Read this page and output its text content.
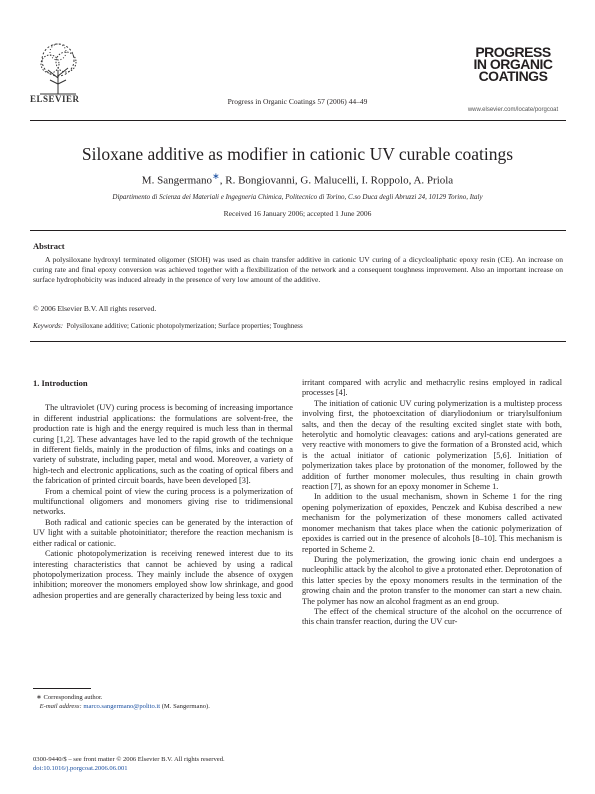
ELSEVIER	Progress in Organic Coatings 57 (2006) 44–49
PROGRESS
IN ORGANIC
COATINGS
www.elsevier.com/locate/porgcoat
Siloxane additive as modifier in cationic UV curable coatings
M. Sangermano∗, R. Bongiovanni, G. Malucelli, I. Roppolo, A. Priola
Dipartimento di Scienza dei Materiali e Ingegneria Chimica, Politecnico di Torino, C.so Duca degli Abruzzi 24, 10129 Torino, Italy
Received 16 January 2006; accepted 1 June 2006
Abstract
A polysiloxane hydroxyl terminated oligomer (SIOH) was used as chain transfer additive in cationic UV curing of a dicycloaliphatic epoxy resin (CE). An increase on curing rate and final epoxy conversion was achieved together with a flexibilization of the network and a consequent toughness improvement. Also an important increase on surface hydrophobicity was induced already in the presence of very low amount of the additive.
© 2006 Elsevier B.V. All rights reserved.
Keywords: Polysiloxane additive; Cationic photopolymerization; Surface properties; Toughness

1. Introduction

The ultraviolet (UV) curing process is becoming of increasing importance in different industrial applications: the formulations are solvent-free, the production rate is high and the energy required is much less than in thermal curing [1,2]. These advantages have led to the rapid growth of the technique in different fields, mainly in the production of films, inks and coatings on a variety of substrate, including paper, metal and wood. Moreover, a variety of high-tech and electronic applications, such as the coating of optical fibers and the fabrication of printed circuit boards, have been developed [3].

From a chemical point of view the curing process is a polymerization of multifunctional oligomers and monomers giving rise to tridimensional networks.

Both radical and cationic species can be generated by the interaction of UV light with a suitable photoinitiator; therefore the reaction mechanism is either radical or cationic.

Cationic photopolymerization is receiving renewed interest due to its interesting characteristics that cannot be achieved by using a radical photopolymerization process. They mainly include the absence of oxygen inhibition; moreover the monomers employed show low shrinkage, and good adhesion properties and are generally characterized by being less toxic and

irritant compared with acrylic and methacrylic resins employed in radical processes [4].

The initiation of cationic UV curing polymerization is a multistep process involving first, the photoexcitation of diaryliodonium or triarylsulfonium salts, and then the decay of the resulting excited singlet state with both, heterolytic and homolytic cleavages: cations and aryl-cations generated are very reactive with monomers to give the formation of a Bronsted acid, which is the actual initiator of cationic polymerization [5,6]. Initiation of polymerization takes place by protonation of the monomer, followed by the addition of further monomer molecules, thus resulting in chain growth reaction [7], as shown for an epoxy monomer in Scheme 1.

In addition to the usual mechanism, shown in Scheme 1 for the ring opening polymerization of epoxides, Penczek and Kubisa described a new mechanism for the polymerization of these monomers called activated monomer mechanism that takes place when the cationic polymerization of epoxides is carried out in the presence of alcohols [8–10]. This mechanism is reported in Scheme 2.

During the polymerization, the growing ionic chain end undergoes a nucleophilic attack by the alcohol to give a protonated ether. Deprotonation of this latter species by the epoxy monomers results in the termination of the growing chain and the proton transfer to the monomer can start a new chain. The polymer has now an alcohol fragment as an end group.

The effect of the chemical structure of the alcohol on the occurrence of this chain transfer reaction, during the UV cur-

∗ Corresponding author.
E-mail address: marco.sangermano@polito.it (M. Sangermano).
0300-9440/$ – see front matter © 2006 Elsevier B.V. All rights reserved.
doi:10.1016/j.porgcoat.2006.06.001
